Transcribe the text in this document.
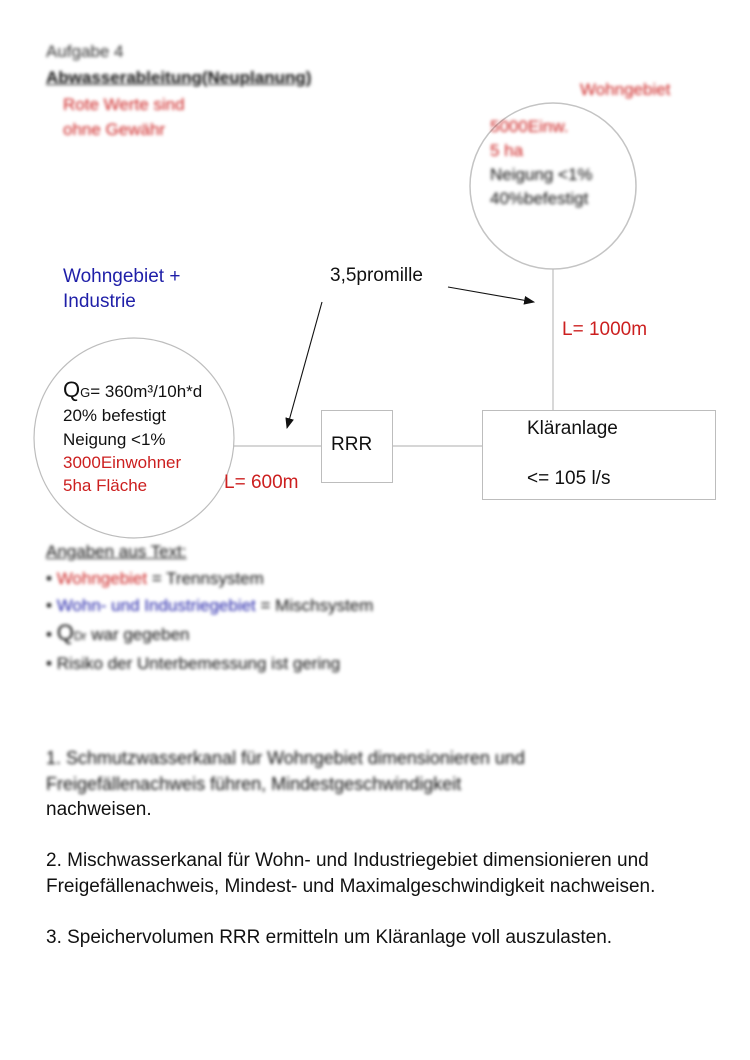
Aufgabe 4
Abwasserableitung(Neuplanung)
Rote Werte sind
ohne Gewähr
Wohngebiet
5000Einw.
5 ha
Neigung <1%
40%befestigt
Wohngebiet +
Industrie
QG= 360m³/10h*d
20% befestigt
Neigung <1%
3000Einwohner
5ha Fläche
3,5promille
L= 1000m
L= 600m
RRR
Kläranlage
<= 105 l/s
Angaben aus Text:
• Wohngebiet = Trennsystem
• Wohn- und Industriegebiet = Mischsystem
• QDr war gegeben
• Risiko der Unterbemessung ist gering
1. Schmutzwasserkanal für Wohngebiet dimensionieren und
Freigefällenachweis führen, Mindestgeschwindigkeit
nachweisen.
2. Mischwasserkanal für Wohn- und Industriegebiet dimensionieren und Freigefällenachweis, Mindest- und Maximalgeschwindigkeit nachweisen.
3. Speichervolumen RRR ermitteln um Kläranlage voll auszulasten.
